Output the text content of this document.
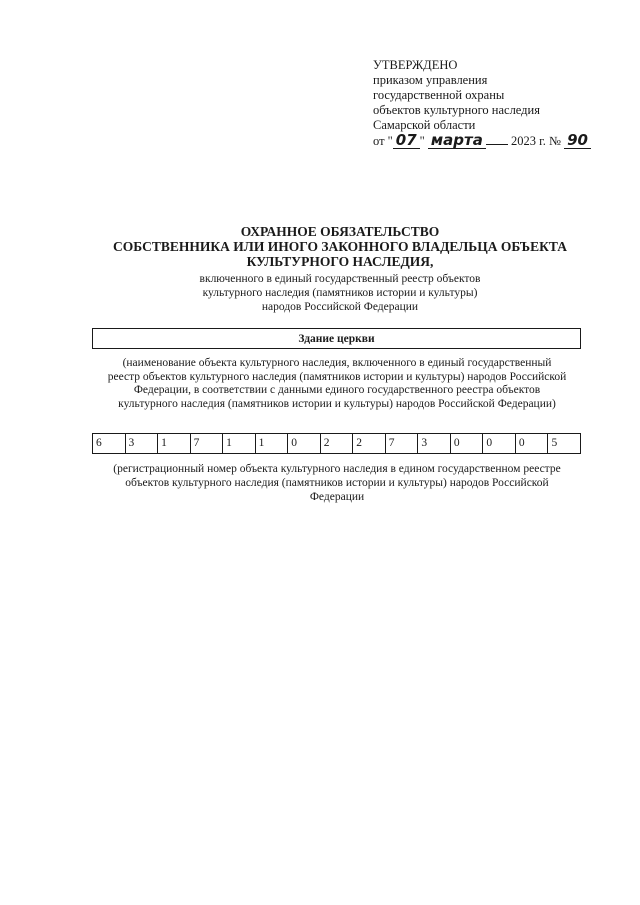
УТВЕРЖДЕНО
приказом управления
государственной охраны
объектов культурного наследия
Самарской области
от " 07 " марта 2023 г. № 90
ОХРАННОЕ ОБЯЗАТЕЛЬСТВО
СОБСТВЕННИКА ИЛИ ИНОГО ЗАКОННОГО ВЛАДЕЛЬЦА ОБЪЕКТА
КУЛЬТУРНОГО НАСЛЕДИЯ,
включенного в единый государственный реестр объектов
культурного наследия (памятников истории и культуры)
народов Российской Федерации
Здание церкви
(наименование объекта культурного наследия, включенного в единый государственный
реестр объектов культурного наследия (памятников истории и культуры) народов Российской
Федерации, в соответствии с данными единого государственного реестра объектов
культурного наследия (памятников истории и культуры) народов Российской Федерации)
6	3	1	7	1	1	0	2	2	7	3	0	0	0	5
(регистрационный номер объекта культурного наследия в едином государственном реестре
объектов культурного наследия (памятников истории и культуры) народов Российской
Федерации
